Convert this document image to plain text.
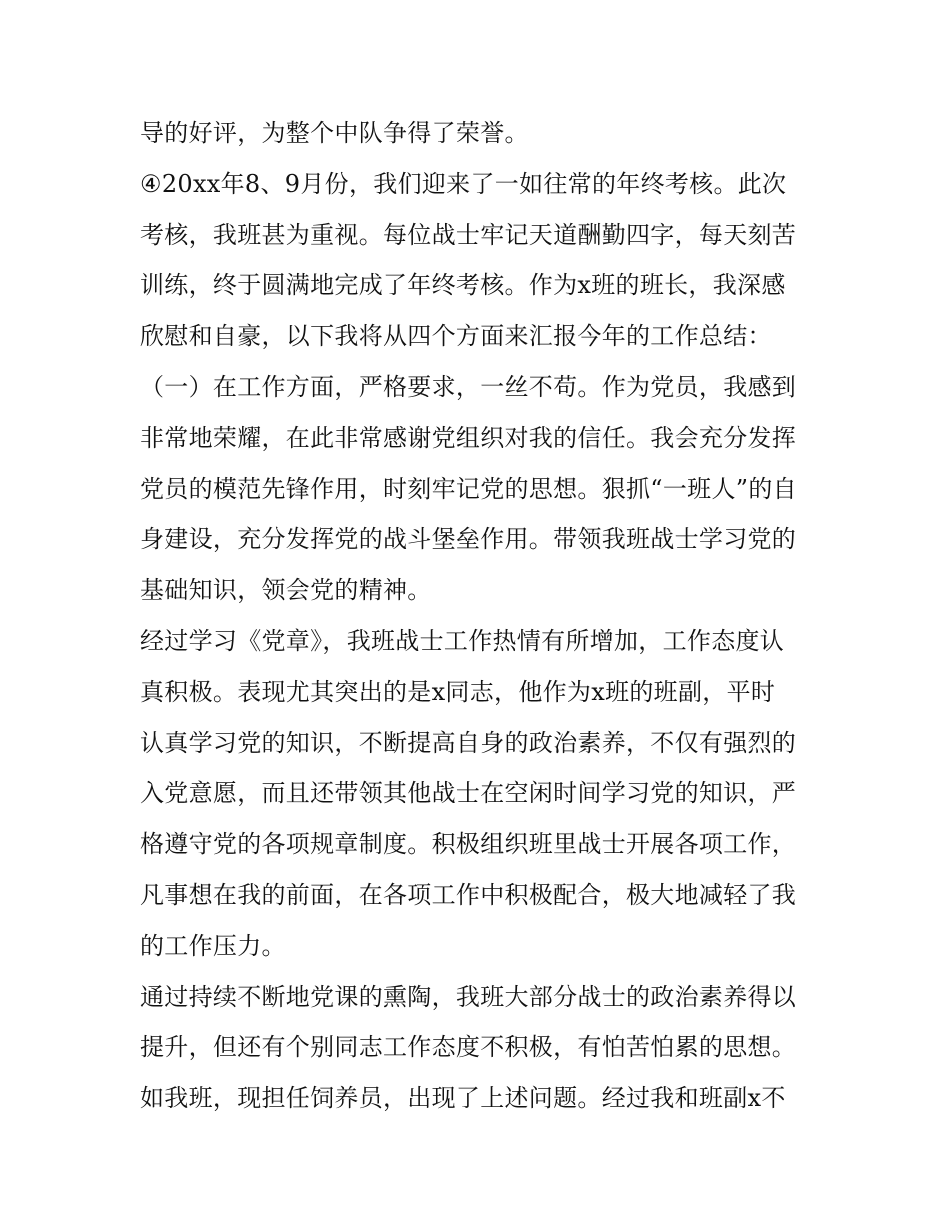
导的好评，为整个中队争得了荣誉。
④20xx年8、9月份，我们迎来了一如往常的年终考核。此次
考核，我班甚为重视。每位战士牢记天道酬勤四字，每天刻苦
训练，终于圆满地完成了年终考核。作为x班的班长，我深感
欣慰和自豪，以下我将从四个方面来汇报今年的工作总结：
（一）在工作方面，严格要求，一丝不苟。作为党员，我感到
非常地荣耀，在此非常感谢党组织对我的信任。我会充分发挥
党员的模范先锋作用，时刻牢记党的思想。狠抓“一班人”的自
身建设，充分发挥党的战斗堡垒作用。带领我班战士学习党的
基础知识，领会党的精神。
经过学习《党章》，我班战士工作热情有所增加，工作态度认
真积极。表现尤其突出的是x同志，他作为x班的班副，平时
认真学习党的知识，不断提高自身的政治素养，不仅有强烈的
入党意愿，而且还带领其他战士在空闲时间学习党的知识，严
格遵守党的各项规章制度。积极组织班里战士开展各项工作，
凡事想在我的前面，在各项工作中积极配合，极大地减轻了我
的工作压力。
通过持续不断地党课的熏陶，我班大部分战士的政治素养得以
提升，但还有个别同志工作态度不积极，有怕苦怕累的思想。
如我班，现担任饲养员，出现了上述问题。经过我和班副x不
